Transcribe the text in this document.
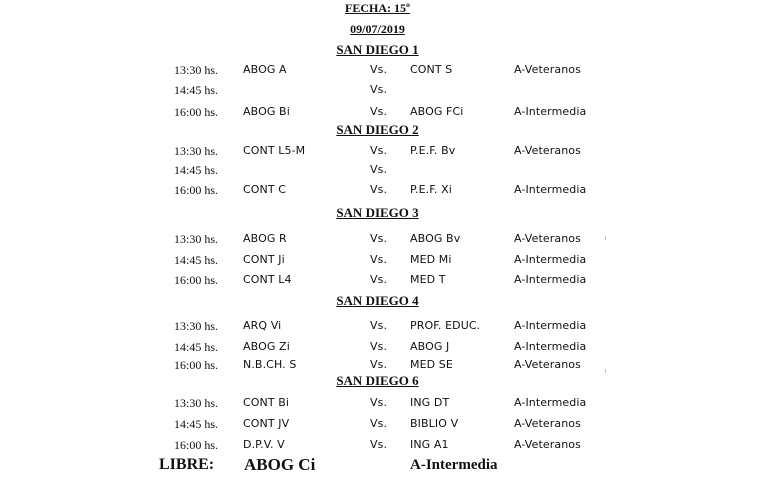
FECHA: 15º
09/07/2019
SAN DIEGO 1
13:30 hs. ABOG A	Vs. CONT S	A-Veteranos
14:45 hs.	Vs.
16:00 hs. ABOG Bi	Vs. ABOG FCi	A-Intermedia
SAN DIEGO 2
13:30 hs. CONT L5-M	Vs. P.E.F. Bv	A-Veteranos
14:45 hs.	Vs.
16:00 hs. CONT C	Vs. P.E.F. Xi	A-Intermedia
SAN DIEGO 3
13:30 hs. ABOG R	Vs. ABOG Bv	A-Veteranos
14:45 hs. CONT Ji	Vs. MED Mi	A-Intermedia
16:00 hs. CONT L4	Vs. MED T	A-Intermedia
SAN DIEGO 4
13:30 hs. ARQ Vi	Vs. PROF. EDUC.	A-Intermedia
14:45 hs. ABOG Zi	Vs. ABOG J	A-Intermedia
16:00 hs. N.B.CH. S	Vs. MED SE	A-Veteranos
SAN DIEGO 6
13:30 hs. CONT Bi	Vs. ING DT	A-Intermedia
14:45 hs. CONT JV	Vs. BIBLIO V	A-Veteranos
16:00 hs. D.P.V. V	Vs. ING A1	A-Veteranos
LIBRE: ABOG Ci	A-Intermedia
